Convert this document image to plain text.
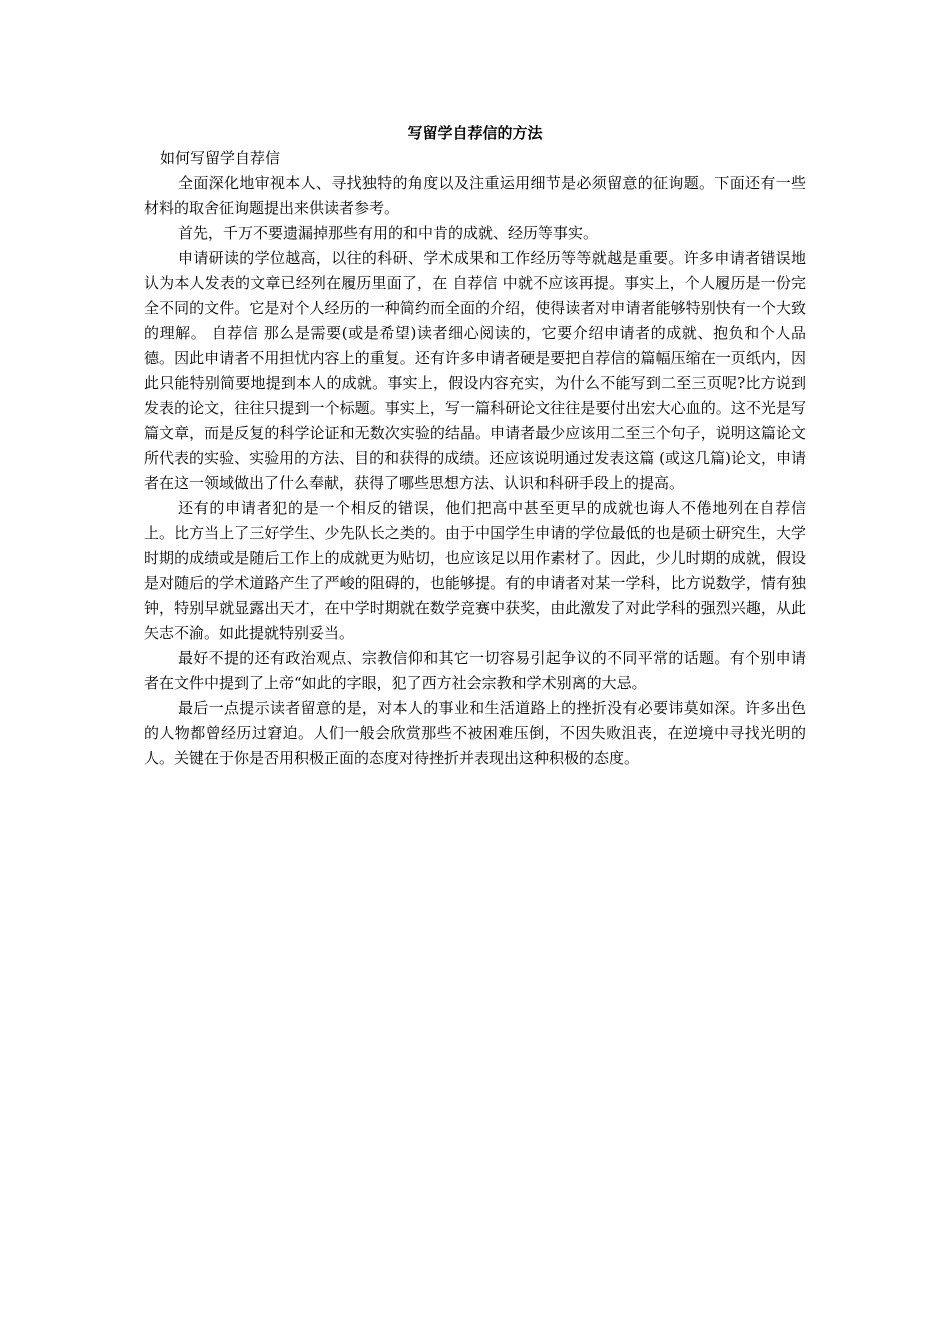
写留学自荐信的方法

如何写留学自荐信

全面深化地审视本人、寻找独特的角度以及注重运用细节是必须留意的征询题。下面还有一些材料的取舍征询题提出来供读者参考。

首先，千万不要遗漏掉那些有用的和中肯的成就、经历等事实。

申请研读的学位越高，以往的科研、学术成果和工作经历等等就越是重要。许多申请者错误地认为本人发表的文章已经列在履历里面了，在 自荐信 中就不应该再提。事实上，个人履历是一份完全不同的文件。它是对个人经历的一种简约而全面的介绍，使得读者对申请者能够特别快有一个大致的理解。 自荐信 那么是需要(或是希望)读者细心阅读的，它要介绍申请者的成就、抱负和个人品德。因此申请者不用担忧内容上的重复。还有许多申请者硬是要把自荐信的篇幅压缩在一页纸内，因此只能特别简要地提到本人的成就。事实上，假设内容充实，为什么不能写到二至三页呢?比方说到发表的论文，往往只提到一个标题。事实上，写一篇科研论文往往是要付出宏大心血的。这不光是写篇文章，而是反复的科学论证和无数次实验的结晶。申请者最少应该用二至三个句子，说明这篇论文所代表的实验、实验用的方法、目的和获得的成绩。还应该说明通过发表这篇 (或这几篇)论文，申请者在这一领域做出了什么奉献，获得了哪些思想方法、认识和科研手段上的提高。

还有的申请者犯的是一个相反的错误，他们把高中甚至更早的成就也诲人不倦地列在自荐信上。比方当上了三好学生、少先队长之类的。由于中国学生申请的学位最低的也是硕士研究生，大学时期的成绩或是随后工作上的成就更为贴切，也应该足以用作素材了。因此，少儿时期的成就，假设是对随后的学术道路产生了严峻的阻碍的，也能够提。有的申请者对某一学科，比方说数学，情有独钟，特别早就显露出天才，在中学时期就在数学竞赛中获奖，由此激发了对此学科的强烈兴趣，从此矢志不渝。如此提就特别妥当。

最好不提的还有政治观点、宗教信仰和其它一切容易引起争议的不同平常的话题。有个别申请者在文件中提到了上帝“如此的字眼，犯了西方社会宗教和学术别离的大忌。

最后一点提示读者留意的是，对本人的事业和生活道路上的挫折没有必要讳莫如深。许多出色的人物都曾经历过窘迫。人们一般会欣赏那些不被困难压倒，不因失败沮丧，在逆境中寻找光明的人。关键在于你是否用积极正面的态度对待挫折并表现出这种积极的态度。
